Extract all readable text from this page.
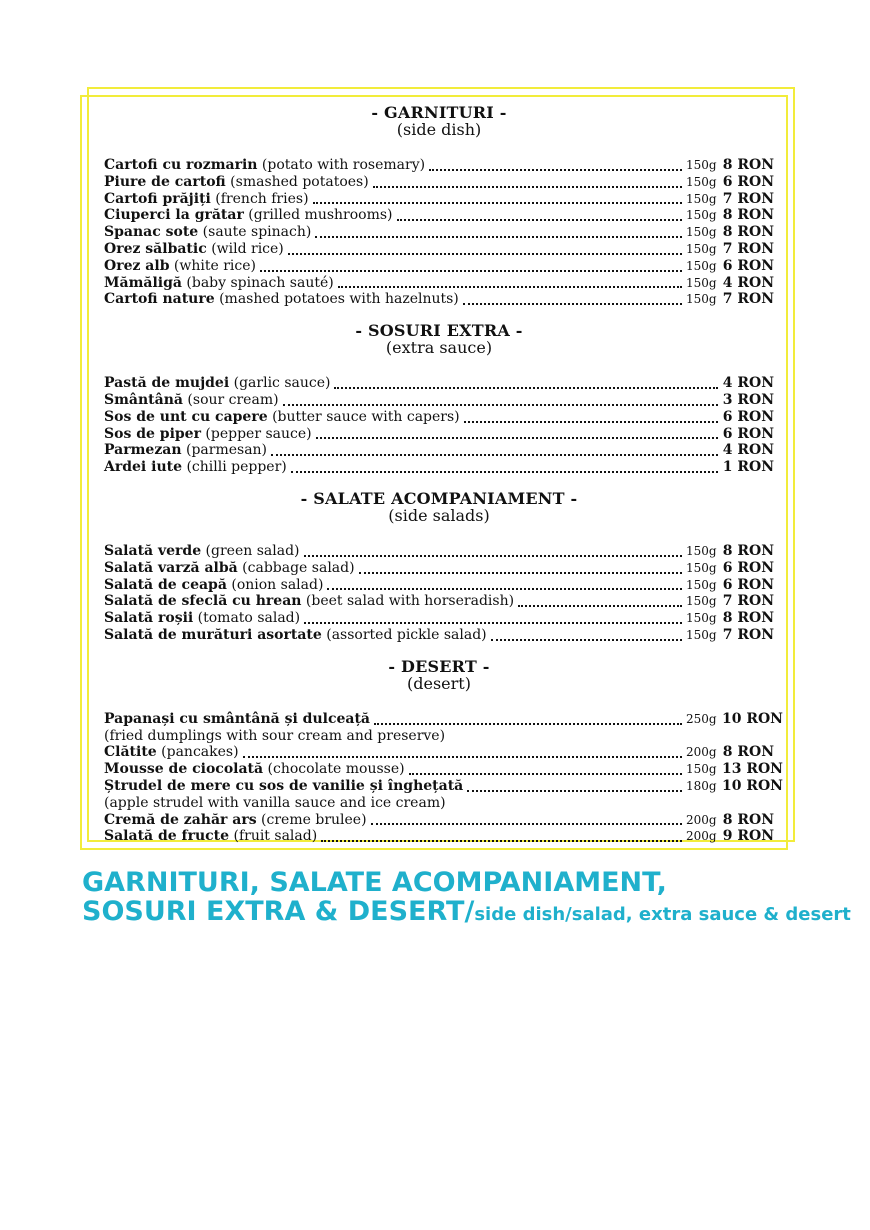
- GARNITURI -
(side dish)
Cartofi cu rozmarin (potato with rosemary)	150g 8 RON
Piure de cartofi (smashed potatoes)	150g 6 RON
Cartofi prăjiți (french fries)	150g 7 RON
Ciuperci la grătar (grilled mushrooms)	150g 8 RON
Spanac sote (saute spinach)	150g 8 RON
Orez sălbatic (wild rice)	150g 7 RON
Orez alb (white rice)	150g 6 RON
Mămăligă (baby spinach sauté)	150g 4 RON
Cartofi nature (mashed potatoes with hazelnuts)	150g 7 RON
- SOSURI EXTRA -
(extra sauce)
Pastă de mujdei (garlic sauce)	4 RON
Smântână (sour cream)	3 RON
Sos de unt cu capere (butter sauce with capers)	6 RON
Sos de piper (pepper sauce)	6 RON
Parmezan (parmesan)	4 RON
Ardei iute (chilli pepper)	1 RON
- SALATE ACOMPANIAMENT -
(side salads)
Salată verde (green salad)	150g 8 RON
Salată varză albă (cabbage salad)	150g 6 RON
Salată de ceapă (onion salad)	150g 6 RON
Salată de sfeclă cu hrean (beet salad with horseradish)	150g 7 RON
Salată roșii (tomato salad)	150g 8 RON
Salată de murături asortate (assorted pickle salad)	150g 7 RON
- DESERT -
(desert)
Papanași cu smântână și dulceață	250g 10 RON
(fried dumplings with sour cream and preserve)
Clătite (pancakes)	200g 8 RON
Mousse de ciocolată (chocolate mousse)	150g 13 RON
Ștrudel de mere cu sos de vanilie și înghețată	180g 10 RON
(apple strudel with vanilla sauce and ice cream)
Cremă de zahăr ars (creme brulee)	200g 8 RON
Salată de fructe (fruit salad)	200g 9 RON
GARNITURI, SALATE ACOMPANIAMENT,
SOSURI EXTRA & DESERT/side dish/salad, extra sauce & desert
